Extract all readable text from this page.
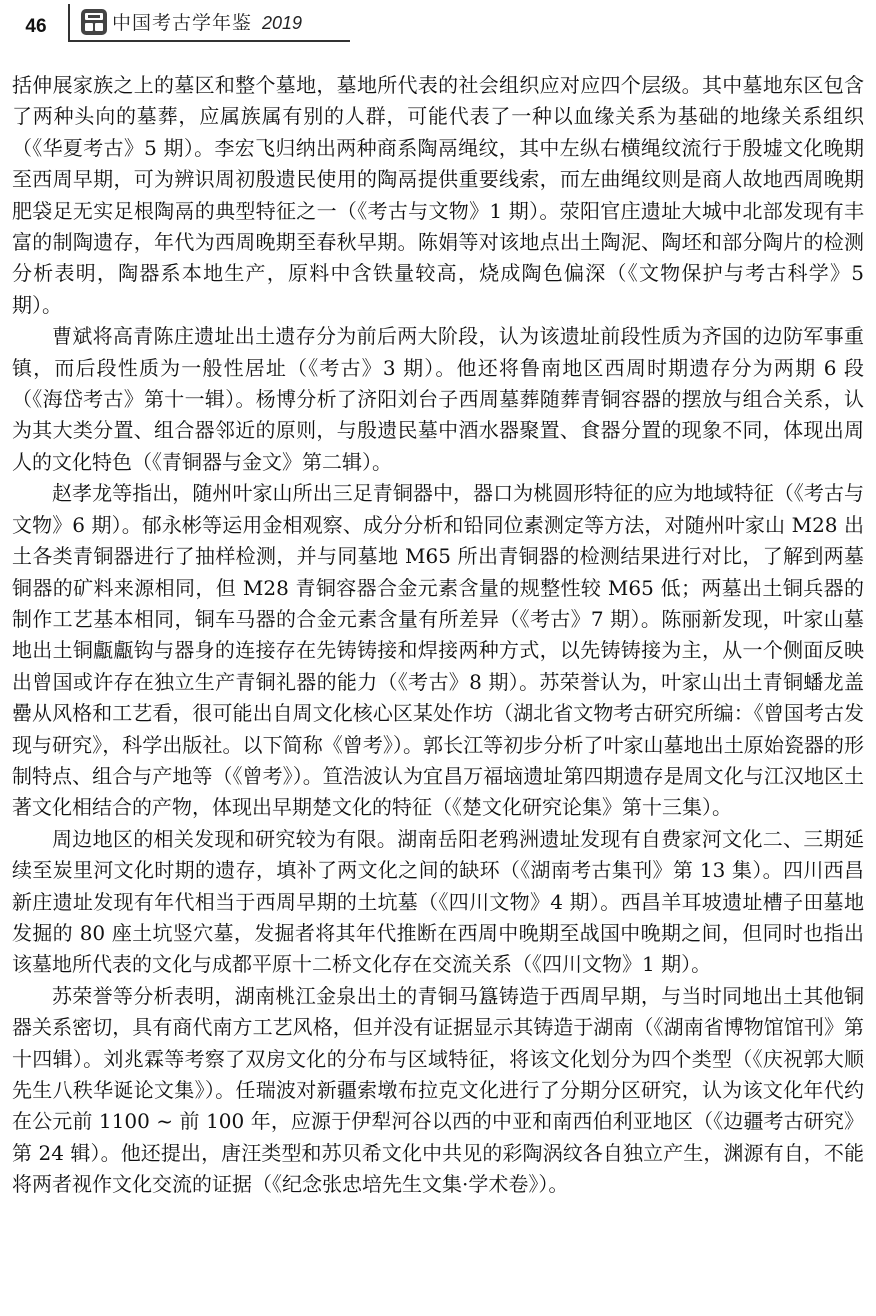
46	中国考古学年鉴 2019

括伸展家族之上的墓区和整个墓地，墓地所代表的社会组织应对应四个层级。其中墓地东区包含了两种头向的墓葬，应属族属有别的人群，可能代表了一种以血缘关系为基础的地缘关系组织（《华夏考古》5 期）。李宏飞归纳出两种商系陶鬲绳纹，其中左纵右横绳纹流行于殷墟文化晚期至西周早期，可为辨识周初殷遗民使用的陶鬲提供重要线索，而左曲绳纹则是商人故地西周晚期肥袋足无实足根陶鬲的典型特征之一（《考古与文物》1 期）。荥阳官庄遗址大城中北部发现有丰富的制陶遗存，年代为西周晚期至春秋早期。陈娟等对该地点出土陶泥、陶坯和部分陶片的检测分析表明，陶器系本地生产，原料中含铁量较高，烧成陶色偏深（《文物保护与考古科学》5 期）。

曹斌将高青陈庄遗址出土遗存分为前后两大阶段，认为该遗址前段性质为齐国的边防军事重镇，而后段性质为一般性居址（《考古》3 期）。他还将鲁南地区西周时期遗存分为两期 6 段（《海岱考古》第十一辑）。杨博分析了济阳刘台子西周墓葬随葬青铜容器的摆放与组合关系，认为其大类分置、组合器邻近的原则，与殷遗民墓中酒水器聚置、食器分置的现象不同，体现出周人的文化特色（《青铜器与金文》第二辑）。

赵孝龙等指出，随州叶家山所出三足青铜器中，器口为桃圆形特征的应为地域特征（《考古与文物》6 期）。郁永彬等运用金相观察、成分分析和铅同位素测定等方法，对随州叶家山 M28 出土各类青铜器进行了抽样检测，并与同墓地 M65 所出青铜器的检测结果进行对比，了解到两墓铜器的矿料来源相同，但 M28 青铜容器合金元素含量的规整性较 M65 低；两墓出土铜兵器的制作工艺基本相同，铜车马器的合金元素含量有所差异（《考古》7 期）。陈丽新发现，叶家山墓地出土铜甗甗钩与器身的连接存在先铸铸接和焊接两种方式，以先铸铸接为主，从一个侧面反映出曾国或许存在独立生产青铜礼器的能力（《考古》8 期）。苏荣誉认为，叶家山出土青铜蟠龙盖罍从风格和工艺看，很可能出自周文化核心区某处作坊（湖北省文物考古研究所编：《曾国考古发现与研究》，科学出版社。以下简称《曾考》）。郭长江等初步分析了叶家山墓地出土原始瓷器的形制特点、组合与产地等（《曾考》）。笪浩波认为宜昌万福垴遗址第四期遗存是周文化与江汉地区土著文化相结合的产物，体现出早期楚文化的特征（《楚文化研究论集》第十三集）。

周边地区的相关发现和研究较为有限。湖南岳阳老鸦洲遗址发现有自费家河文化二、三期延续至炭里河文化时期的遗存，填补了两文化之间的缺环（《湖南考古集刊》第 13 集）。四川西昌新庄遗址发现有年代相当于西周早期的土坑墓（《四川文物》4 期）。西昌羊耳坡遗址槽子田墓地发掘的 80 座土坑竖穴墓，发掘者将其年代推断在西周中晚期至战国中晚期之间，但同时也指出该墓地所代表的文化与成都平原十二桥文化存在交流关系（《四川文物》1 期）。

苏荣誉等分析表明，湖南桃江金泉出土的青铜马簋铸造于西周早期，与当时同地出土其他铜器关系密切，具有商代南方工艺风格，但并没有证据显示其铸造于湖南（《湖南省博物馆馆刊》第十四辑）。刘兆霖等考察了双房文化的分布与区域特征，将该文化划分为四个类型（《庆祝郭大顺先生八秩华诞论文集》）。任瑞波对新疆索墩布拉克文化进行了分期分区研究，认为该文化年代约在公元前 1100 ~ 前 100 年，应源于伊犁河谷以西的中亚和南西伯利亚地区（《边疆考古研究》第 24 辑）。他还提出，唐汪类型和苏贝希文化中共见的彩陶涡纹各自独立产生，渊源有自，不能将两者视作文化交流的证据（《纪念张忠培先生文集·学术卷》）。
